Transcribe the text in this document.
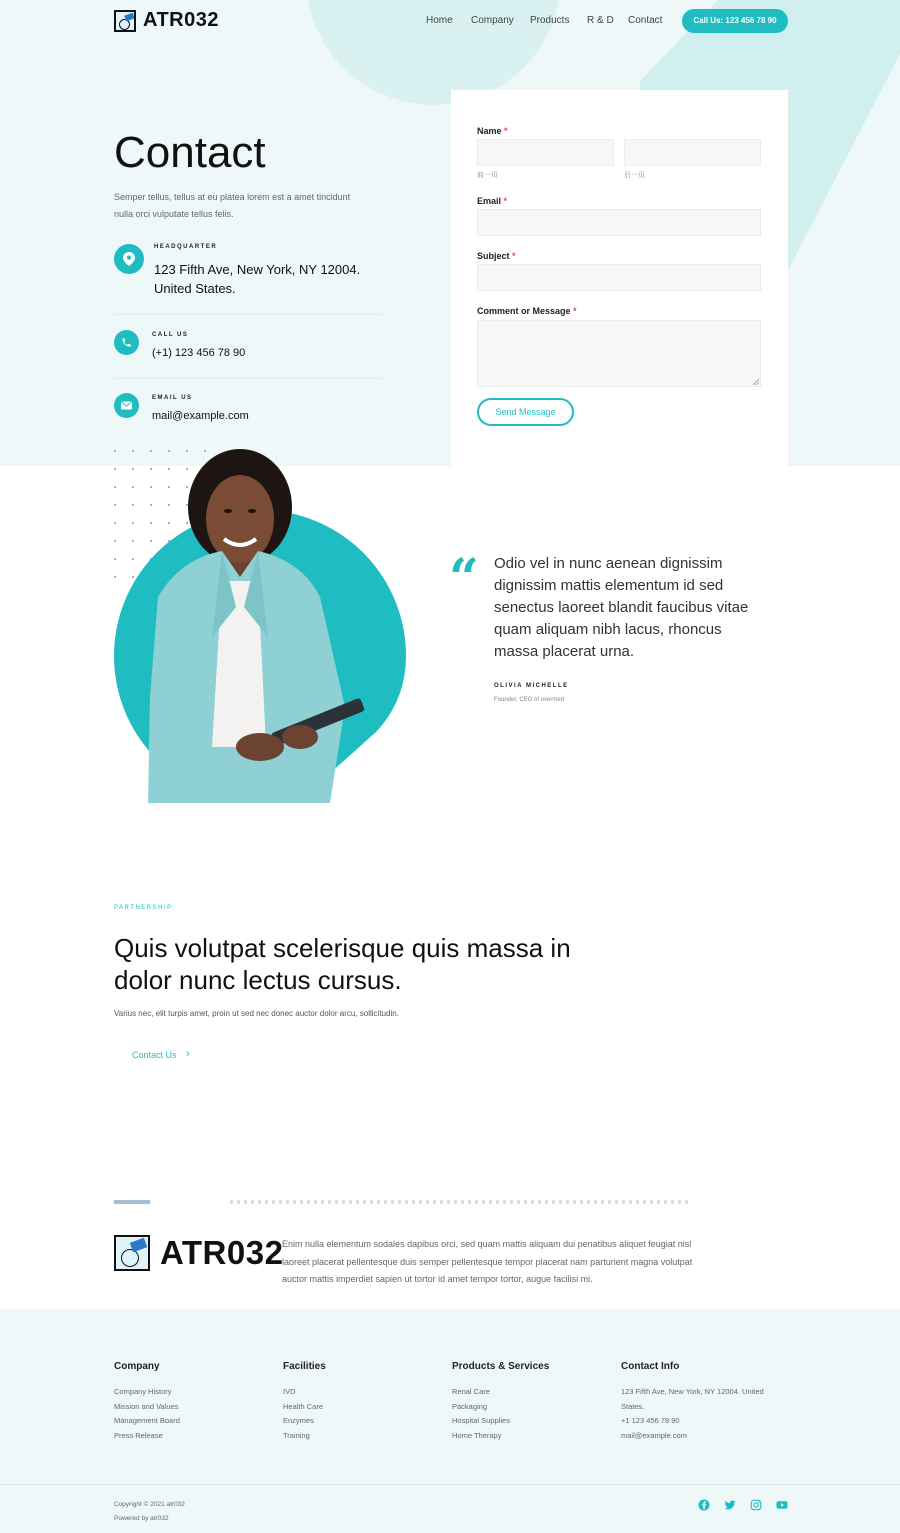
ATR032	Home Company Products R & D Contact	Call Us: 123 456 78 90
Contact

Semper tellus, tellus at eu platea lorem est a amet tincidunt nulla orci vulputate tellus felis.

HEADQUARTER
123 Fifth Ave, New York, NY 12004.
United States.
CALL US
(+1) 123 456 78 90
EMAIL US
mail@example.com
Name *
前一页	后一页
Email *
Subject *
Comment or Message *
Send Message
“ Odio vel in nunc aenean dignissim dignissim mattis elementum id sed senectus laoreet blandit faucibus vitae quam aliquam nibh lacus, rhoncus massa placerat urna.

OLIVIA MICHELLE
Founder, CEO of evermed
PARTNERSHIP
Quis volutpat scelerisque quis massa in dolor nunc lectus cursus.

Varius nec, elit turpis amet, proin ut sed nec donec auctor dolor arcu, sollicitudin.

Contact Us ›
ATR032

Enim nulla elementum sodales dapibus orci, sed quam mattis aliquam dui penatibus aliquet feugiat nisl laoreet placerat pellentesque duis semper pellentesque tempor placerat nam parturient magna volutpat auctor mattis imperdiet sapien ut tortor id amet tempor tortor, augue facilisi mi.

Company
Company History
Mission and Values
Management Board
Press Release
Facilities
IVD
Health Care
Enzymes
Training
Products & Services
Renal Care
Packaging
Hospital Supplies
Home Therapy
Contact Info
123 Fifth Ave, New York, NY 12004. United States.
+1 123 456 78 90
mail@example.com
Copyright © 2021 atr032
Powered by atr032
